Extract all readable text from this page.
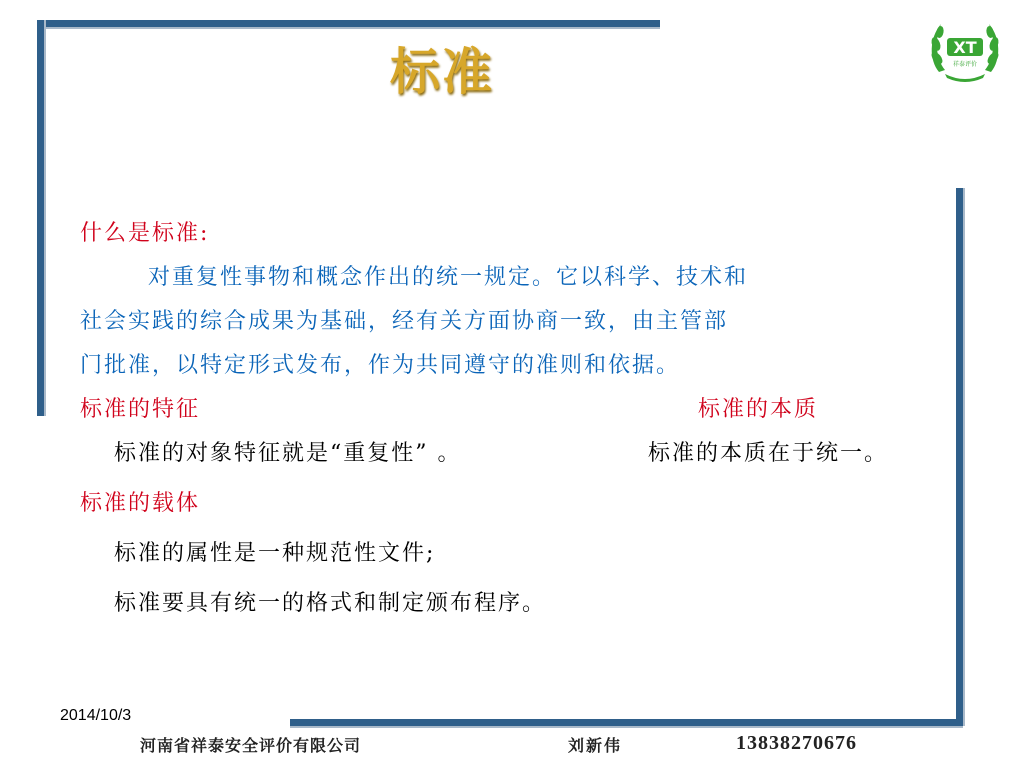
XT
祥泰评价
标准
什么是标准:
对重复性事物和概念作出的统一规定。它以科学、技术和
社会实践的综合成果为基础，经有关方面协商一致，由主管部
门批准，以特定形式发布，作为共同遵守的准则和依据。
标准的特征	标准的本质
标准的对象特征就是“重复性” 。	标准的本质在于统一。
标准的载体
标准的属性是一种规范性文件;
标准要具有统一的格式和制定颁布程序。
2014/10/3
河南省祥泰安全评价有限公司	刘新伟	13838270676
